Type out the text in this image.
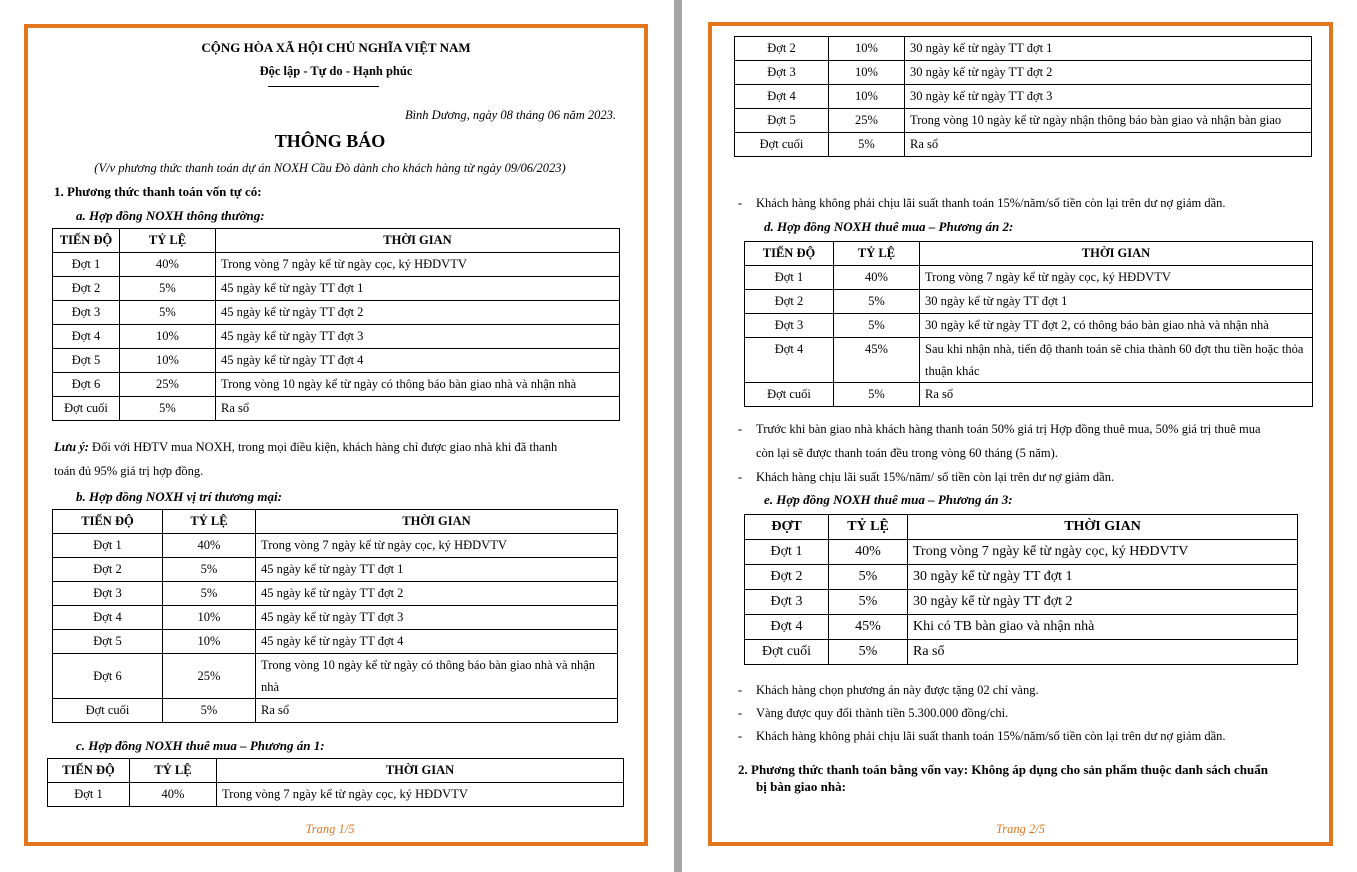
CỘNG HÒA XÃ HỘI CHỦ NGHĨA VIỆT NAM
Độc lập - Tự do - Hạnh phúc
Bình Dương, ngày 08 tháng 06 năm 2023.
THÔNG BÁO
(V/v phương thức thanh toán dự án NOXH Cầu Đò dành cho khách hàng từ ngày 09/06/2023)
1. Phương thức thanh toán vốn tự có:
a. Hợp đồng NOXH thông thường:
TIẾN ĐỘ	TỶ LỆ	THỜI GIAN
Đợt 1	40%	Trong vòng 7 ngày kể từ ngày cọc, ký HĐDVTV
Đợt 2	5%	45 ngày kể từ ngày TT đợt 1
Đợt 3	5%	45 ngày kể từ ngày TT đợt 2
Đợt 4	10%	45 ngày kể từ ngày TT đợt 3
Đợt 5	10%	45 ngày kể từ ngày TT đợt 4
Đợt 6	25%	Trong vòng 10 ngày kể từ ngày có thông báo bàn giao nhà và nhận nhà
Đợt cuối	5%	Ra sổ
Lưu ý: Đối với HĐTV mua NOXH, trong mọi điều kiện, khách hàng chỉ được giao nhà khi đã thanh
toán đủ 95% giá trị hợp đồng.
b. Hợp đồng NOXH vị trí thương mại:
TIẾN ĐỘ	TỶ LỆ	THỜI GIAN
Đợt 1	40%	Trong vòng 7 ngày kể từ ngày cọc, ký HĐDVTV
Đợt 2	5%	45 ngày kể từ ngày TT đợt 1
Đợt 3	5%	45 ngày kể từ ngày TT đợt 2
Đợt 4	10%	45 ngày kể từ ngày TT đợt 3
Đợt 5	10%	45 ngày kể từ ngày TT đợt 4
Đợt 6	25%	Trong vòng 10 ngày kể từ ngày có thông báo bàn giao nhà và nhận nhà
Đợt cuối	5%	Ra sổ
c. Hợp đồng NOXH thuê mua – Phương án 1:
TIẾN ĐỘ	TỶ LỆ	THỜI GIAN
Đợt 1	40%	Trong vòng 7 ngày kể từ ngày cọc, ký HĐDVTV
Trang 1/5
Đợt 2	10%	30 ngày kể từ ngày TT đợt 1
Đợt 3	10%	30 ngày kể từ ngày TT đợt 2
Đợt 4	10%	30 ngày kể từ ngày TT đợt 3
Đợt 5	25%	Trong vòng 10 ngày kể từ ngày nhận thông báo bàn giao và nhận bàn giao
Đợt cuối	5%	Ra sổ
- Khách hàng không phải chịu lãi suất thanh toán 15%/năm/số tiền còn lại trên dư nợ giảm dần.
d. Hợp đồng NOXH thuê mua – Phương án 2:
TIẾN ĐỘ	TỶ LỆ	THỜI GIAN
Đợt 1	40%	Trong vòng 7 ngày kể từ ngày cọc, ký HĐDVTV
Đợt 2	5%	30 ngày kể từ ngày TT đợt 1
Đợt 3	5%	30 ngày kể từ ngày TT đợt 2, có thông báo bàn giao nhà và nhận nhà
Đợt 4	45%	Sau khi nhận nhà, tiến độ thanh toán sẽ chia thành 60 đợt thu tiền hoặc thỏa thuận khác
Đợt cuối	5%	Ra sổ
- Trước khi bàn giao nhà khách hàng thanh toán 50% giá trị Hợp đồng thuê mua, 50% giá trị thuê mua
còn lại sẽ được thanh toán đều trong vòng 60 tháng (5 năm).
- Khách hàng chịu lãi suất 15%/năm/ số tiền còn lại trên dư nợ giảm dần.
e. Hợp đồng NOXH thuê mua – Phương án 3:
ĐỢT	TỶ LỆ	THỜI GIAN
Đợt 1	40%	Trong vòng 7 ngày kể từ ngày cọc, ký HĐDVTV
Đợt 2	5%	30 ngày kể từ ngày TT đợt 1
Đợt 3	5%	30 ngày kể từ ngày TT đợt 2
Đợt 4	45%	Khi có TB bàn giao và nhận nhà
Đợt cuối	5%	Ra sổ
- Khách hàng chọn phương án này được tặng 02 chỉ vàng.
- Vàng được quy đổi thành tiền 5.300.000 đồng/chỉ.
- Khách hàng không phải chịu lãi suất thanh toán 15%/năm/số tiền còn lại trên dư nợ giảm dần.
2. Phương thức thanh toán bằng vốn vay: Không áp dụng cho sản phẩm thuộc danh sách chuẩn
bị bàn giao nhà:
Trang 2/5
